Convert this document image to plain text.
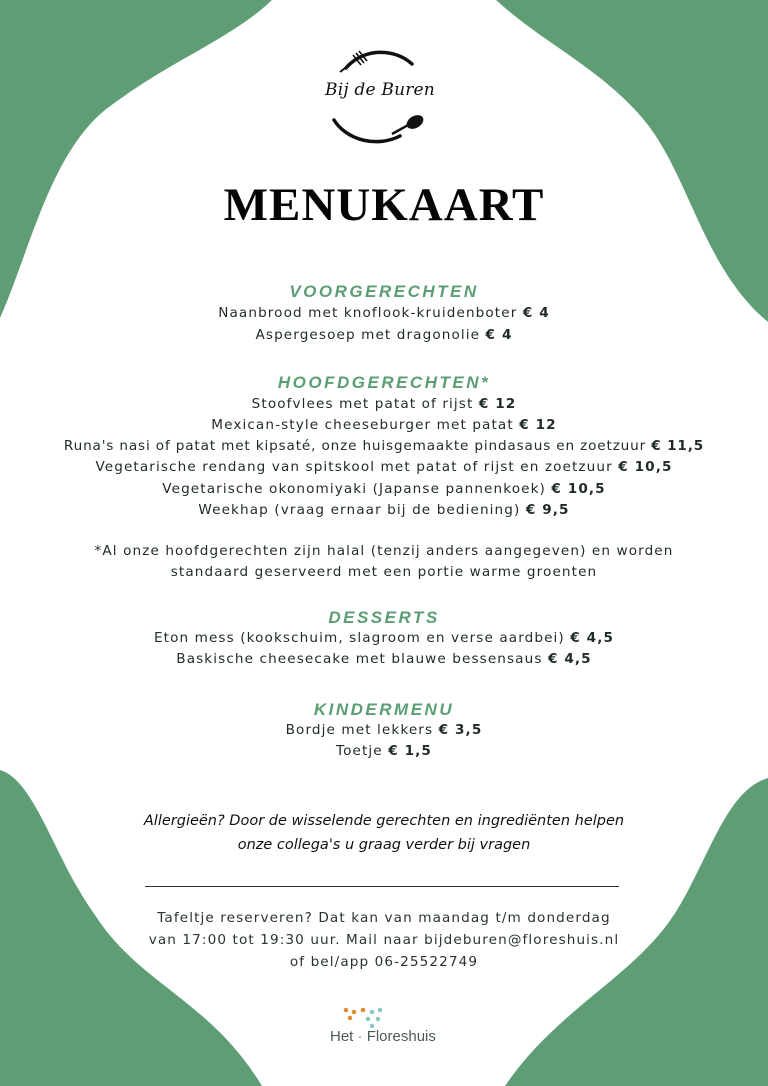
Bij de Buren
MENUKAART
VOORGERECHTEN
Naanbrood met knoflook-kruidenboter € 4
Aspergesoep met dragonolie € 4
HOOFDGERECHTEN*
Stoofvlees met patat of rijst € 12
Mexican-style cheeseburger met patat € 12
Runa's nasi of patat met kipsaté, onze huisgemaakte pindasaus en zoetzuur € 11,5
Vegetarische rendang van spitskool met patat of rijst en zoetzuur € 10,5
Vegetarische okonomiyaki (Japanse pannenkoek) € 10,5
Weekhap (vraag ernaar bij de bediening) € 9,5
*Al onze hoofdgerechten zijn halal (tenzij anders aangegeven) en worden
standaard geserveerd met een portie warme groenten
DESSERTS
Eton mess (kookschuim, slagroom en verse aardbei) € 4,5
Baskische cheesecake met blauwe bessensaus € 4,5
KINDERMENU
Bordje met lekkers € 3,5
Toetje € 1,5
Allergieën? Door de wisselende gerechten en ingrediënten helpen
onze collega's u graag verder bij vragen
Tafeltje reserveren? Dat kan van maandag t/m donderdag
van 17:00 tot 19:30 uur. Mail naar bijdeburen@floreshuis.nl
of bel/app 06-25522749
Het · Floreshuis
